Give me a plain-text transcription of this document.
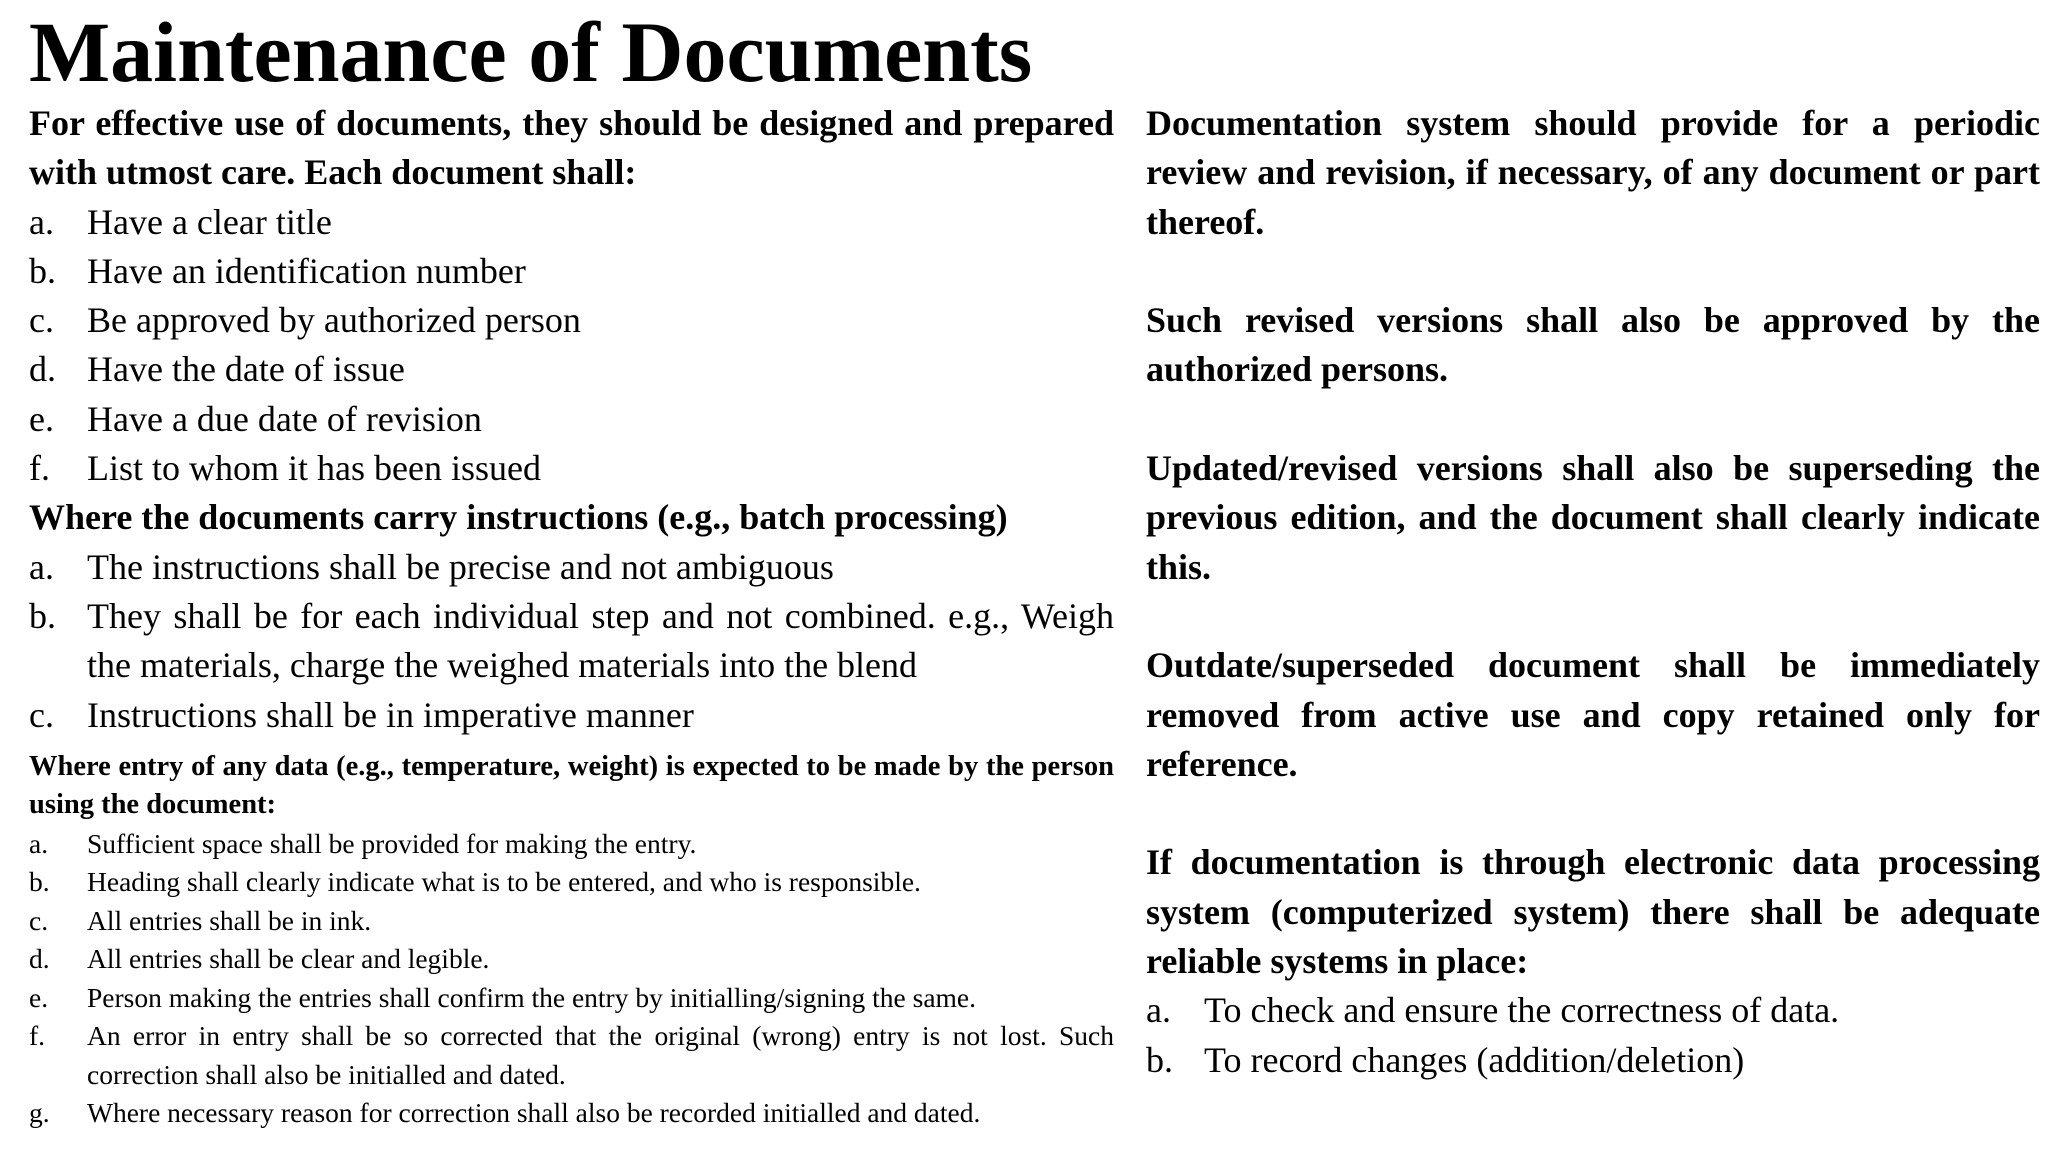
Maintenance of Documents

For effective use of documents, they should be designed and prepared with utmost care. Each document shall:

a. Have a clear title
b. Have an identification number
c. Be approved by authorized person
d. Have the date of issue
e. Have a due date of revision
f. List to whom it has been issued

Where the documents carry instructions (e.g., batch processing)

a. The instructions shall be precise and not ambiguous
b. They shall be for each individual step and not combined. e.g., Weigh the materials, charge the weighed materials into the blend
c. Instructions shall be in imperative manner

Where entry of any data (e.g., temperature, weight) is expected to be made by the person using the document:

a. Sufficient space shall be provided for making the entry.
b. Heading shall clearly indicate what is to be entered, and who is responsible.
c. All entries shall be in ink.
d. All entries shall be clear and legible.
e. Person making the entries shall confirm the entry by initialling/signing the same.
f. An error in entry shall be so corrected that the original (wrong) entry is not lost. Such correction shall also be initialled and dated.
g. Where necessary reason for correction shall also be recorded initialled and dated.

Documentation system should provide for a periodic review and revision, if necessary, of any document or part thereof.

Such revised versions shall also be approved by the authorized persons.

Updated/revised versions shall also be superseding the previous edition, and the document shall clearly indicate this.

Outdate/superseded document shall be immediately removed from active use and copy retained only for reference.

If documentation is through electronic data processing system (computerized system) there shall be adequate reliable systems in place:

a. To check and ensure the correctness of data.
b. To record changes (addition/deletion)
